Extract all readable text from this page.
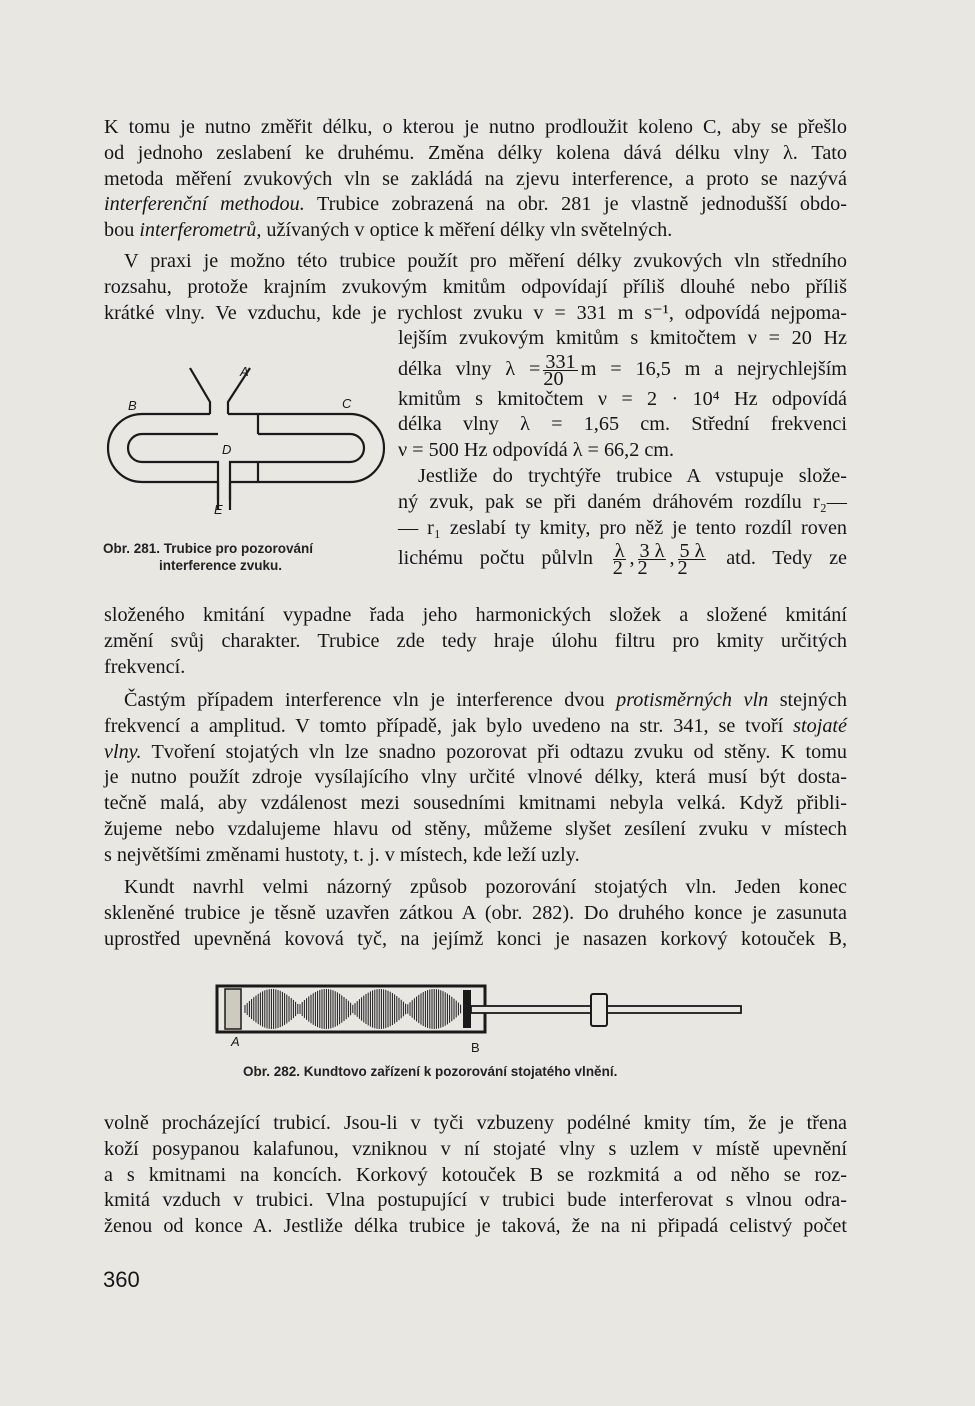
K tomu je nutno změřit délku, o kterou je nutno prodloužit koleno C, aby se přešlo
od jednoho zeslabení ke druhému. Změna délky kolena dává délku vlny λ. Tato
metoda měření zvukových vln se zakládá na zjevu interference, a proto se nazývá
interferenční methodou. Trubice zobrazená na obr. 281 je vlastně jednodušší obdo-
bou interferometrů, užívaných v optice k měření délky vln světelných.
V praxi je možno této trubice použít pro měření délky zvukových vln středního
rozsahu, protože krajním zvukovým kmitům odpovídají příliš dlouhé nebo příliš
krátké vlny. Ve vzduchu, kde je rychlost zvuku v = 331 m s⁻¹, odpovídá nejpoma-
A
B	C
D
E
Obr. 281. Trubice pro pozorování
interference zvuku.
lejším zvukovým kmitům s kmitočtem ν = 20 Hz
délka vlny $\lambda = \frac{331}{20}$ m = 16,5 m a nejrychlejším
kmitům s kmitočtem ν = 2 · 10⁴ Hz odpovídá
délka vlny λ = 1,65 cm. Střední frekvenci
ν = 500 Hz odpovídá λ = 66,2 cm.
Jestliže do trychtýře trubice A vstupuje slože-
ný zvuk, pak se při daném dráhovém rozdílu r₂—
— r₁ zeslabí ty kmity, pro něž je tento rozdíl roven
lichému počtu půlvln $\frac{\lambda}{2}$ , $\frac{3 \lambda}{2}$ , $\frac{5 \lambda}{2}$ atd. Tedy ze
složeného kmitání vypadne řada jeho harmonických složek a složené kmitání
změní svůj charakter. Trubice zde tedy hraje úlohu filtru pro kmity určitých
frekvencí.
Častým případem interference vln je interference dvou protisměrných vln stejných
frekvencí a amplitud. V tomto případě, jak bylo uvedeno na str. 341, se tvoří stojaté
vlny. Tvoření stojatých vln lze snadno pozorovat při odtazu zvuku od stěny. K tomu
je nutno použít zdroje vysílajícího vlny určité vlnové délky, která musí být dosta-
tečně malá, aby vzdálenost mezi sousedními kmitnami nebyla velká. Když přibli-
žujeme nebo vzdalujeme hlavu od stěny, můžeme slyšet zesílení zvuku v místech
s největšími změnami hustoty, t. j. v místech, kde leží uzly.
Kundt navrhl velmi názorný způsob pozorování stojatých vln. Jeden konec
skleněné trubice je těsně uzavřen zátkou A (obr. 282). Do druhého konce je zasunuta
uprostřed upevněná kovová tyč, na jejímž konci je nasazen korkový kotouček B,
A	B
Obr. 282. Kundtovo zařízení k pozorování stojatého vlnění.
volně procházející trubicí. Jsou-li v tyči vzbuzeny podélné kmity tím, že je třena
koží posypanou kalafunou, vzniknou v ní stojaté vlny s uzlem v místě upevnění
a s kmitnami na koncích. Korkový kotouček B se rozkmitá a od něho se roz-
kmitá vzduch v trubici. Vlna postupující v trubici bude interferovat s vlnou odra-
ženou od konce A. Jestliže délka trubice je taková, že na ni připadá celistvý počet
360
